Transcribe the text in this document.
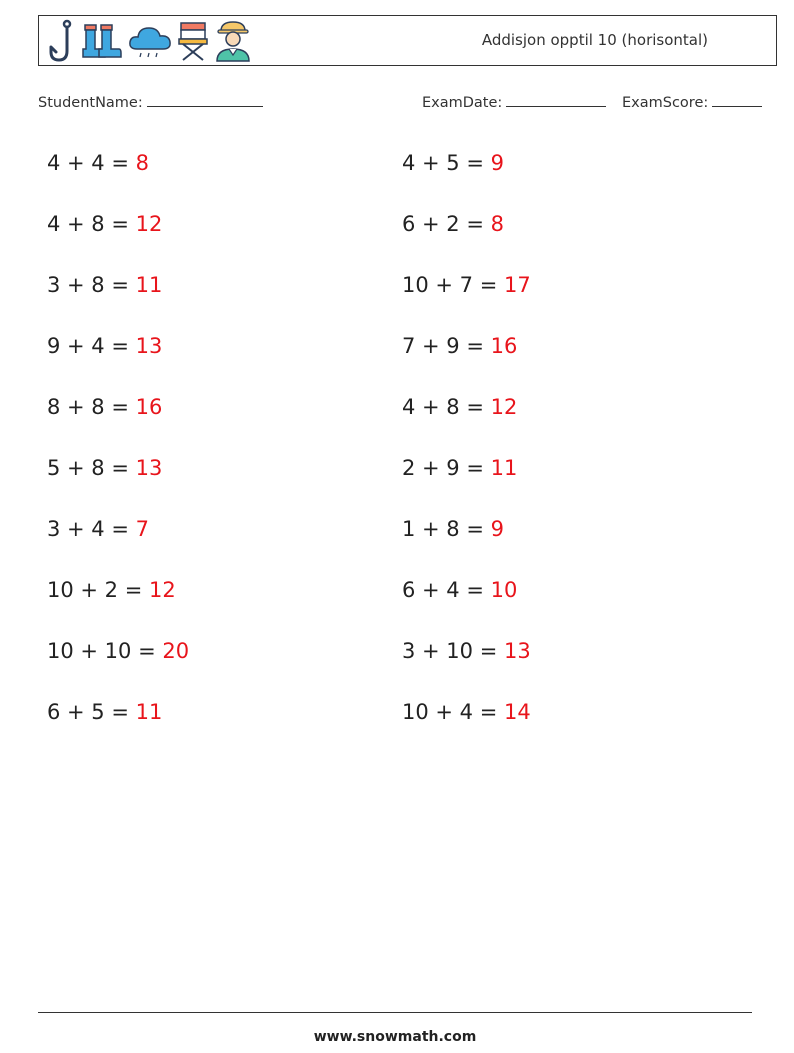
Addisjon opptil 10 (horisontal)
StudentName:	ExamDate:	ExamScore:
4 + 4 = 8
4 + 8 = 12
3 + 8 = 11
9 + 4 = 13
8 + 8 = 16
5 + 8 = 13
3 + 4 = 7
10 + 2 = 12
10 + 10 = 20
6 + 5 = 11
4 + 5 = 9
6 + 2 = 8
10 + 7 = 17
7 + 9 = 16
4 + 8 = 12
2 + 9 = 11
1 + 8 = 9
6 + 4 = 10
3 + 10 = 13
10 + 4 = 14
www.snowmath.com
